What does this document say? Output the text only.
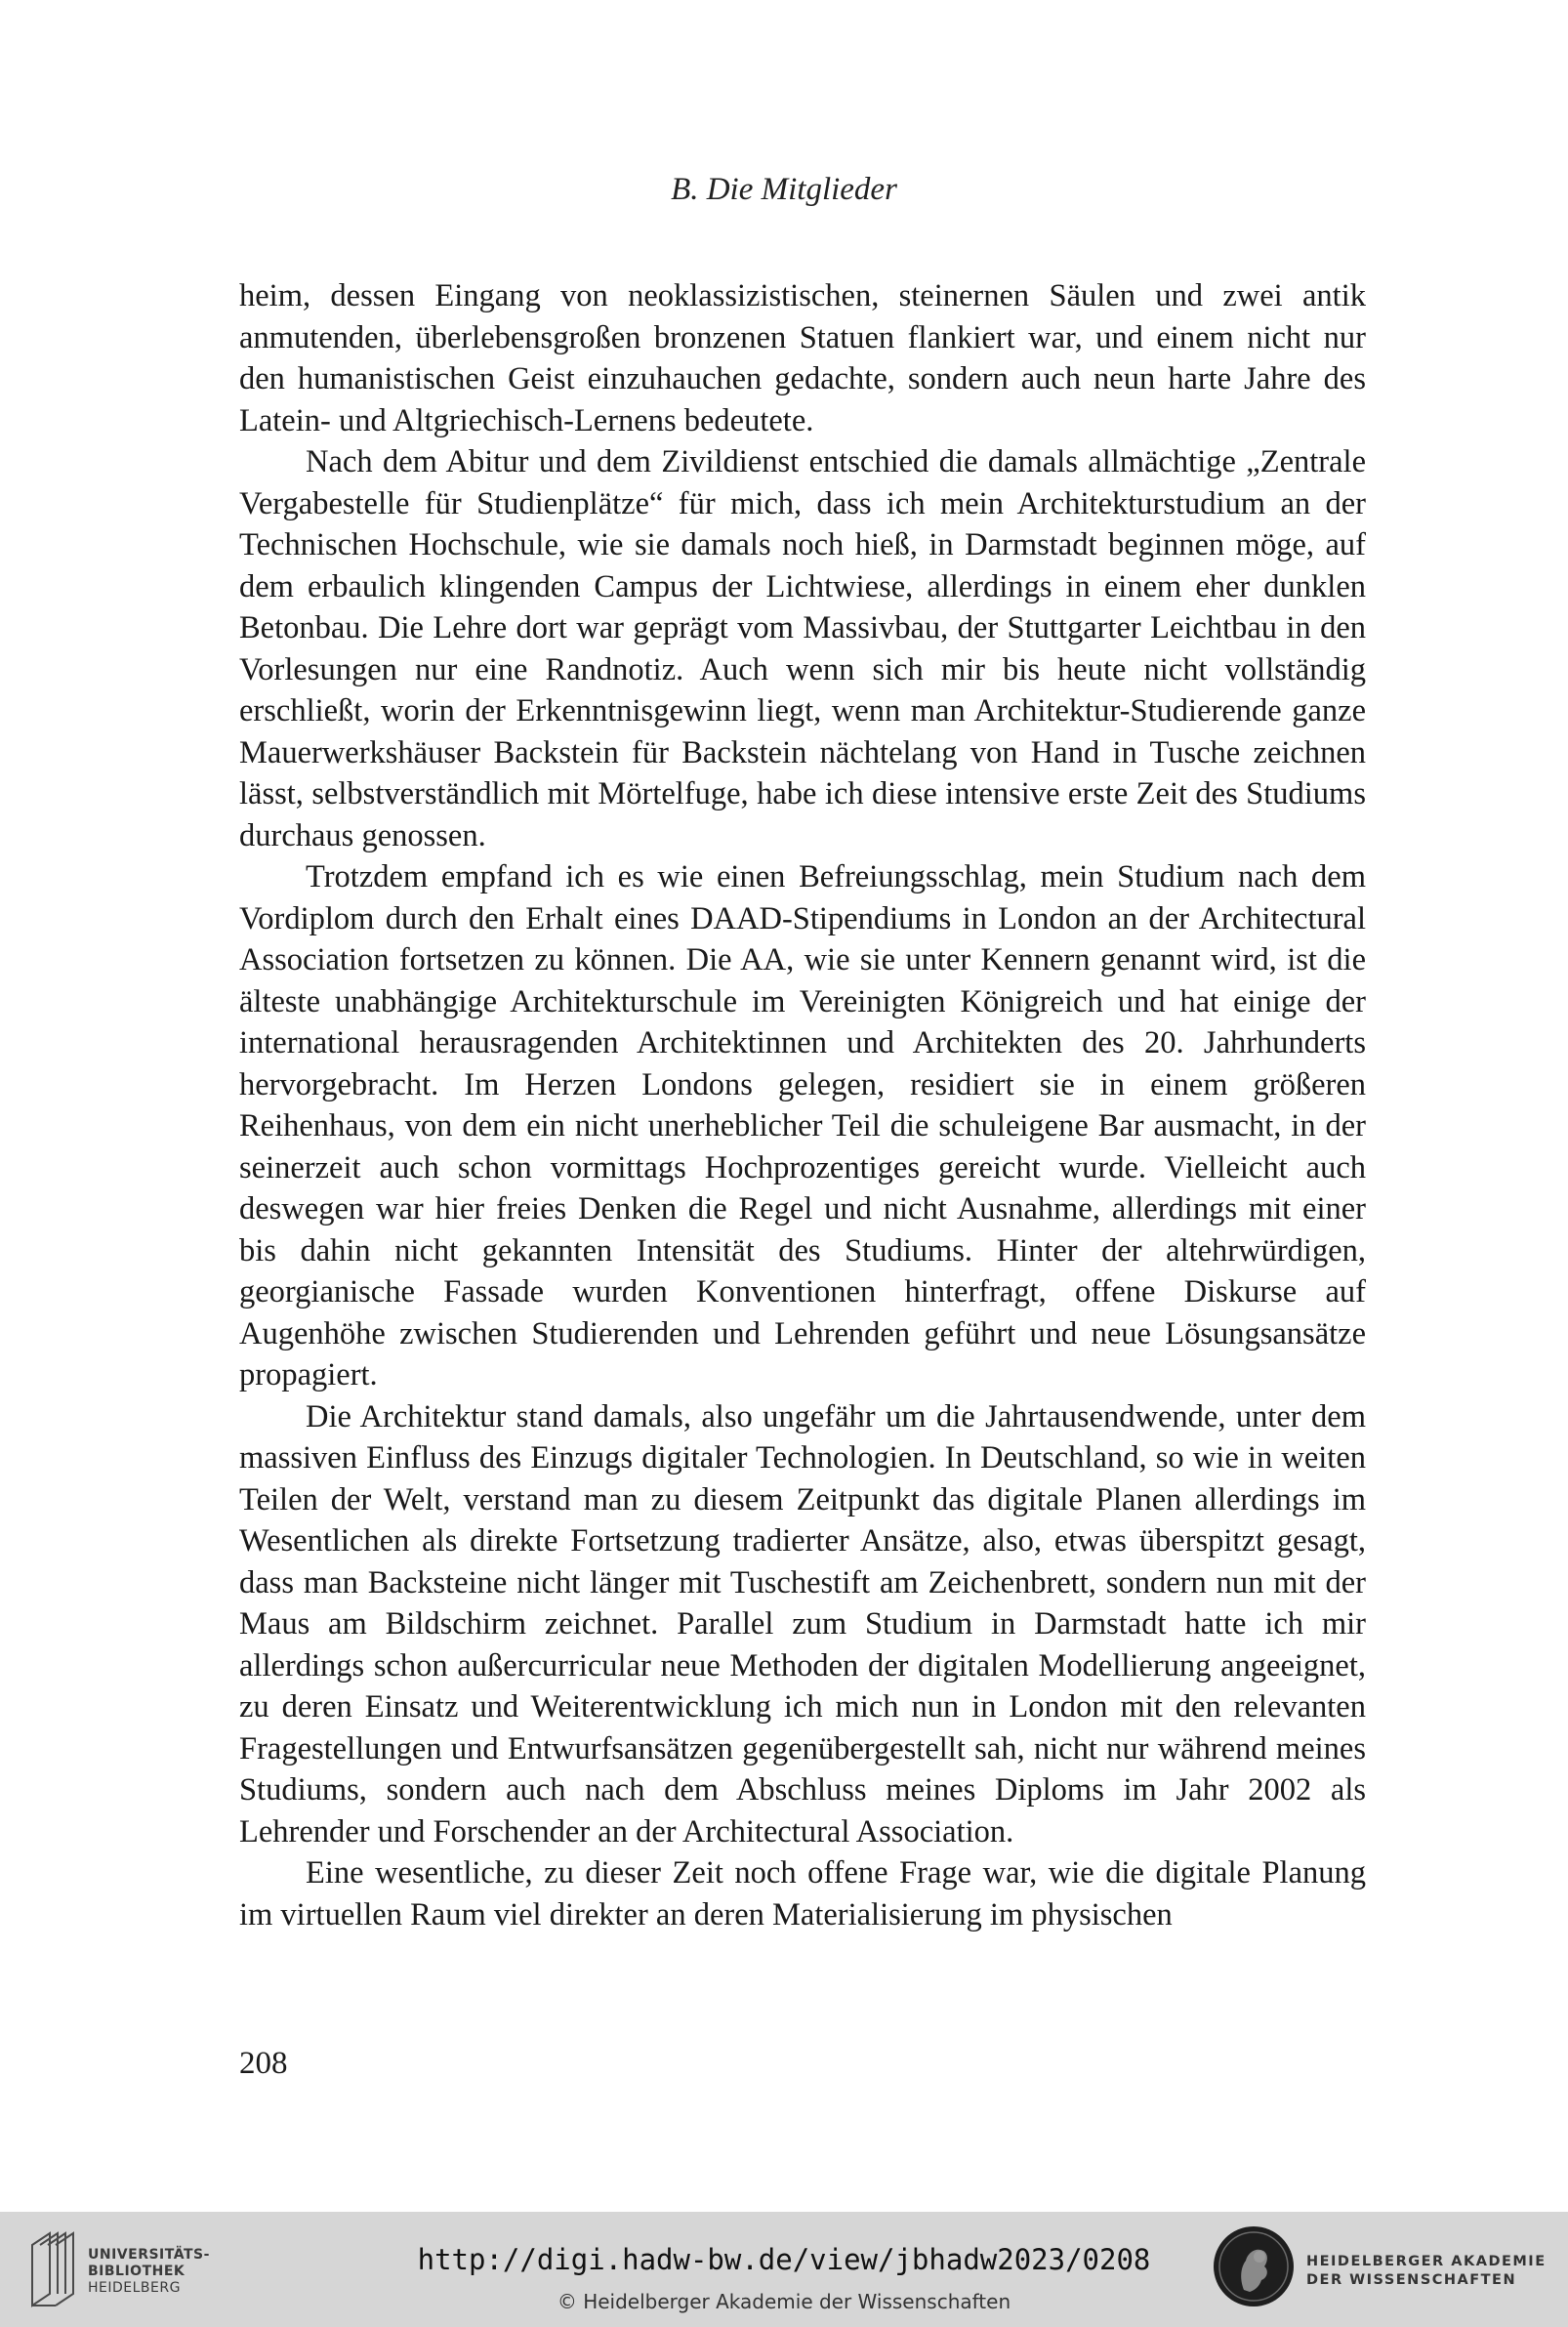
B. Die Mitglieder

heim, dessen Eingang von neoklassizistischen, steinernen Säulen und zwei antik anmutenden, überlebensgroßen bronzenen Statuen flankiert war, und einem nicht nur den humanistischen Geist einzuhauchen gedachte, sondern auch neun harte Jahre des Latein- und Altgriechisch-Lernens bedeutete.

Nach dem Abitur und dem Zivildienst entschied die damals allmächtige „Zentrale Vergabestelle für Studienplätze“ für mich, dass ich mein Architekturstudium an der Technischen Hochschule, wie sie damals noch hieß, in Darmstadt beginnen möge, auf dem erbaulich klingenden Campus der Lichtwiese, allerdings in einem eher dunklen Betonbau. Die Lehre dort war geprägt vom Massivbau, der Stuttgarter Leichtbau in den Vorlesungen nur eine Randnotiz. Auch wenn sich mir bis heute nicht vollständig erschließt, worin der Erkenntnisgewinn liegt, wenn man Architektur-Studierende ganze Mauerwerkshäuser Backstein für Backstein nächtelang von Hand in Tusche zeichnen lässt, selbstverständlich mit Mörtelfuge, habe ich diese intensive erste Zeit des Studiums durchaus genossen.

Trotzdem empfand ich es wie einen Befreiungsschlag, mein Studium nach dem Vordiplom durch den Erhalt eines DAAD-Stipendiums in London an der Architectural Association fortsetzen zu können. Die AA, wie sie unter Kennern genannt wird, ist die älteste unabhängige Architekturschule im Vereinigten Königreich und hat einige der international herausragenden Architektinnen und Architekten des 20. Jahrhunderts hervorgebracht. Im Herzen Londons gelegen, residiert sie in einem größeren Reihenhaus, von dem ein nicht unerheblicher Teil die schuleigene Bar ausmacht, in der seinerzeit auch schon vormittags Hochprozentiges gereicht wurde. Vielleicht auch deswegen war hier freies Denken die Regel und nicht Ausnahme, allerdings mit einer bis dahin nicht gekannten Intensität des Studiums. Hinter der altehrwürdigen, georgianische Fassade wurden Konventionen hinterfragt, offene Diskurse auf Augenhöhe zwischen Studierenden und Lehrenden geführt und neue Lösungsansätze propagiert.

Die Architektur stand damals, also ungefähr um die Jahrtausendwende, unter dem massiven Einfluss des Einzugs digitaler Technologien. In Deutschland, so wie in weiten Teilen der Welt, verstand man zu diesem Zeitpunkt das digitale Planen allerdings im Wesentlichen als direkte Fortsetzung tradierter Ansätze, also, etwas überspitzt gesagt, dass man Backsteine nicht länger mit Tuschestift am Zeichenbrett, sondern nun mit der Maus am Bildschirm zeichnet. Parallel zum Studium in Darmstadt hatte ich mir allerdings schon außercurricular neue Methoden der digitalen Modellierung angeeignet, zu deren Einsatz und Weiterentwicklung ich mich nun in London mit den relevanten Fragestellungen und Entwurfsansätzen gegenübergestellt sah, nicht nur während meines Studiums, sondern auch nach dem Abschluss meines Diploms im Jahr 2002 als Lehrender und Forschender an der Architectural Association.

Eine wesentliche, zu dieser Zeit noch offene Frage war, wie die digitale Planung im virtuellen Raum viel direkter an deren Materialisierung im physischen

208
UNIVERSITÄTS-
BIBLIOTHEK
HEIDELBERG
http://digi.hadw-bw.de/view/jbhadw2023/0208
© Heidelberger Akademie der Wissenschaften
HEIDELBERGER AKADEMIE
DER WISSENSCHAFTEN
